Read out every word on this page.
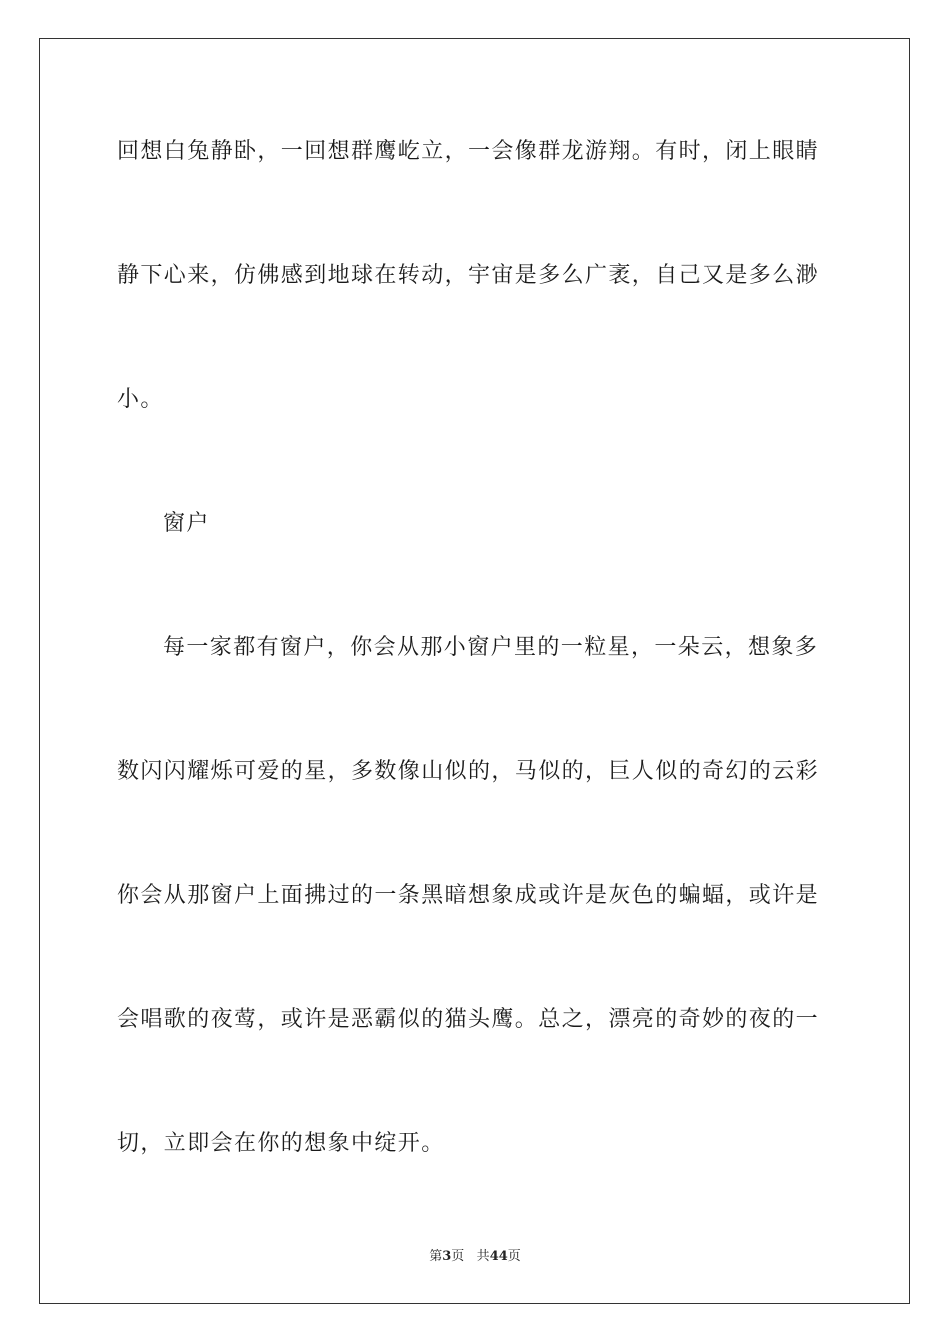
回想白兔静卧，一回想群鹰屹立，一会像群龙游翔。有时，闭上眼睛
静下心来，仿佛感到地球在转动，宇宙是多么广袤，自己又是多么渺
小。
窗户
每一家都有窗户，你会从那小窗户里的一粒星，一朵云，想象多
数闪闪耀烁可爱的星，多数像山似的，马似的，巨人似的奇幻的云彩
你会从那窗户上面拂过的一条黑暗想象成或许是灰色的蝙蝠，或许是
会唱歌的夜莺，或许是恶霸似的猫头鹰。总之，漂亮的奇妙的夜的一
切，立即会在你的想象中绽开。
第3页 共44页
